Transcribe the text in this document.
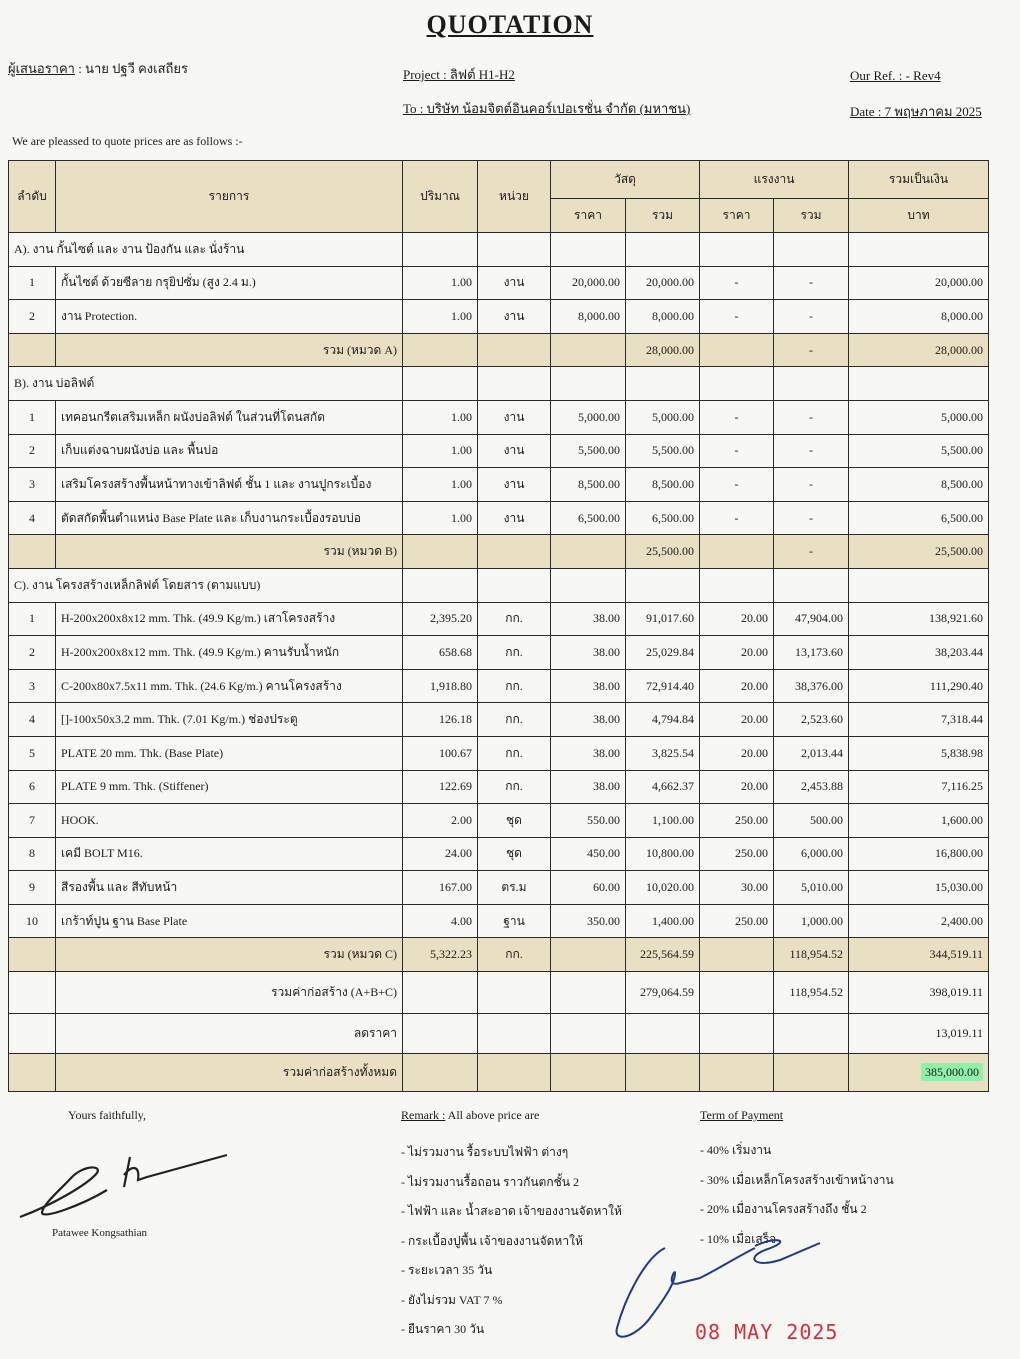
QUOTATION
ผู้เสนอราคา : นาย ปฐวี คงเสถียร	Project : ลิฟต์ H1-H2	Our Ref. : - Rev4
To : บริษัท น้อมจิตต์อินคอร์เปอเรชั่น จำกัด (มหาชน)	Date : 7 พฤษภาคม 2025
We are pleassed to quote prices are as follows :-
ลำดับ	รายการ	ปริมาณ	หน่วย	วัสดุ		แรงงาน		รวมเป็นเงิน
				ราคา	รวม	ราคา	รวม	บาท
A). งาน กั้นไซต์ และ งาน ป้องกัน และ นั่งร้าน								
1	กั้นไซต์ ด้วยซีลาย กรุยิปซั่ม (สูง 2.4 ม.)	1.00	งาน	20,000.00	20,000.00	-	-	20,000.00
2	งาน Protection.	1.00	งาน	8,000.00	8,000.00	-	-	8,000.00
	รวม (หมวด A)				28,000.00		-	28,000.00
B). งาน บ่อลิฟต์								
1	เทคอนกรีตเสริมเหล็ก ผนังบ่อลิฟต์ ในส่วนที่โดนสกัด	1.00	งาน	5,000.00	5,000.00	-	-	5,000.00
2	เก็บแต่งฉาบผนังบ่อ และ พื้นบ่อ	1.00	งาน	5,500.00	5,500.00	-	-	5,500.00
3	เสริมโครงสร้างพื้นหน้าทางเข้าลิฟต์ ชั้น 1 และ งานปูกระเบื้อง	1.00	งาน	8,500.00	8,500.00	-	-	8,500.00
4	ตัดสกัดพื้นตำแหน่ง Base Plate และ เก็บงานกระเบื้องรอบบ่อ	1.00	งาน	6,500.00	6,500.00	-	-	6,500.00
	รวม (หมวด B)				25,500.00		-	25,500.00
C). งาน โครงสร้างเหล็กลิฟต์ โดยสาร (ตามแบบ)								
1	H-200x200x8x12 mm. Thk. (49.9 Kg/m.) เสาโครงสร้าง	2,395.20	กก.	38.00	91,017.60	20.00	47,904.00	138,921.60
2	H-200x200x8x12 mm. Thk. (49.9 Kg/m.) คานรับน้ำหนัก	658.68	กก.	38.00	25,029.84	20.00	13,173.60	38,203.44
3	C-200x80x7.5x11 mm. Thk. (24.6 Kg/m.) คานโครงสร้าง	1,918.80	กก.	38.00	72,914.40	20.00	38,376.00	111,290.40
4	[]-100x50x3.2 mm. Thk. (7.01 Kg/m.) ช่องประตู	126.18	กก.	38.00	4,794.84	20.00	2,523.60	7,318.44
5	PLATE 20 mm. Thk. (Base Plate)	100.67	กก.	38.00	3,825.54	20.00	2,013.44	5,838.98
6	PLATE 9 mm. Thk. (Stiffener)	122.69	กก.	38.00	4,662.37	20.00	2,453.88	7,116.25
7	HOOK.	2.00	ชุด	550.00	1,100.00	250.00	500.00	1,600.00
8	เคมี BOLT M16.	24.00	ชุด	450.00	10,800.00	250.00	6,000.00	16,800.00
9	สีรองพื้น และ สีทับหน้า	167.00	ตร.ม	60.00	10,020.00	30.00	5,010.00	15,030.00
10	เกร้าท์ปูน ฐาน Base Plate	4.00	ฐาน	350.00	1,400.00	250.00	1,000.00	2,400.00
	รวม (หมวด C)	5,322.23	กก.		225,564.59		118,954.52	344,519.11
	รวมค่าก่อสร้าง (A+B+C)				279,064.59		118,954.52	398,019.11
	ลดราคา							13,019.11
	รวมค่าก่อสร้างทั้งหมด							385,000.00
Yours faithfully,
Patawee Kongsathian
Remark : All above price are
- ไม่รวมงาน รื้อระบบไฟฟ้า ต่างๆ
- ไม่รวมงานรื้อถอน ราวกันตกชั้น 2
- ไฟฟ้า และ น้ำสะอาด เจ้าของงานจัดหาให้
- กระเบื้องปูพื้น เจ้าของงานจัดหาให้
- ระยะเวลา 35 วัน
- ยังไม่รวม VAT 7 %
- ยืนราคา 30 วัน
Term of Payment
- 40% เริ่มงาน
- 30% เมื่อเหล็กโครงสร้างเข้าหน้างาน
- 20% เมื่องานโครงสร้างถึง ชั้น 2
- 10% เมื่อเสร็จ
08 MAY 2025
